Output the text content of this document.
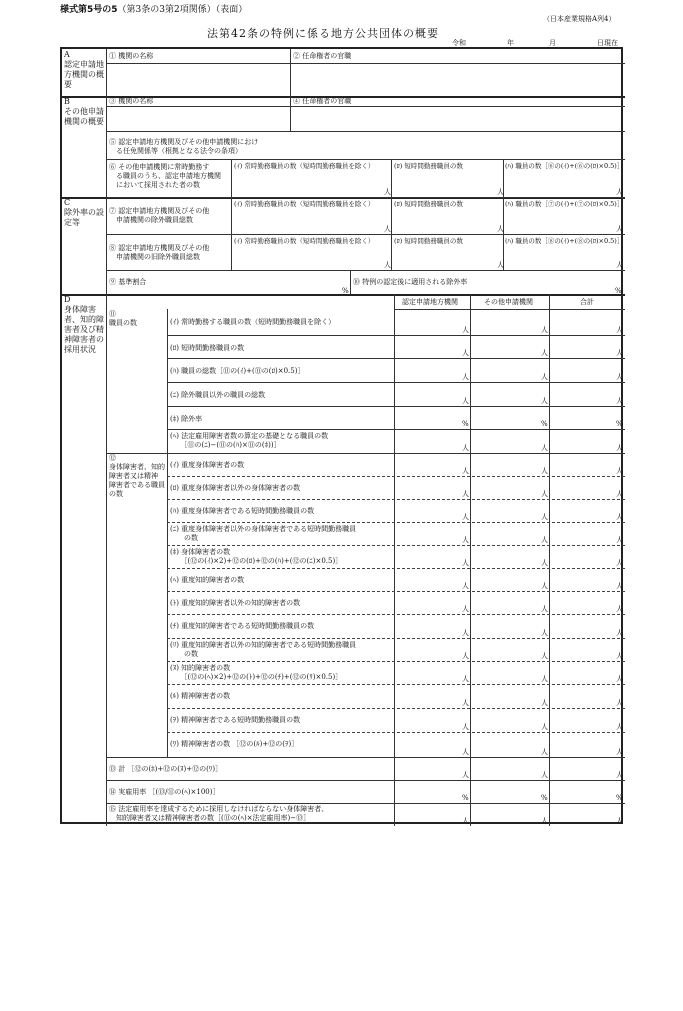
様式第5号の5（第3条の3第2項関係）（表面）
（日本産業規格A列4）
法第42条の特例に係る地方公共団体の概要
令和	年	月	日現在
A
認定申請地
方機関の概
要
B
その他申請
機関の概要
C
除外率の設
定等
D
身体障害
者、知的障
害者及び精
神障害者の
採用状況
① 機関の名称	② 任命権者の官職
③ 機関の名称	④ 任命権者の官職
⑤ 認定申請地方機関及びその他申請機関におけ
　る任免関係等（根拠となる法令の条項）
⑥ その他申請機関に常時勤務す
　る職員のうち、認定申請地方機関
　において採用された者の数
(ｲ) 常時勤務職員の数（短時間勤務職員を除く）	(ﾛ) 短時間勤務職員の数	(ﾊ) 職員の数［⑥の(ｲ)+(⑥の(ﾛ)×0.5)］
人	人	人
⑦ 認定申請地方機関及びその他
　申請機関の除外職員総数
(ｲ) 常時勤務職員の数（短時間勤務職員を除く）	(ﾛ) 短時間勤務職員の数	(ﾊ) 職員の数［⑦の(ｲ)+(⑦の(ﾛ)×0.5)］
人	人	人
⑧ 認定申請地方機関及びその他
　申請機関の旧除外職員総数
(ｲ) 常時勤務職員の数（短時間勤務職員を除く）	(ﾛ) 短時間勤務職員の数	(ﾊ) 職員の数［⑧の(ｲ)+(⑧の(ﾛ)×0.5)］
人	人	人
⑨ 基準割合	⑩ 特例の認定後に適用される除外率
%	%
認定申請地方機関	その他申請機関	合計
⑪
職員の数	(ｲ) 常時勤務する職員の数（短時間勤務職員を除く）
人	人	人
(ﾛ) 短時間勤務職員の数
人	人	人
(ﾊ) 職員の総数［⑪の(ｲ)+(⑪の(ﾛ)×0.5)］
人	人	人
(ﾆ) 除外職員以外の職員の総数
人	人	人
(ﾎ) 除外率
%	%	%
(ﾍ) 法定雇用障害者数の算定の基礎となる職員の数
　　［⑪の(ﾆ)−(⑪の(ﾊ)×⑪の(ﾎ))］	人	人	人
⑫
身体障害者、知的
障害者又は精神
障害者である職員
の数
(ｲ) 重度身体障害者の数
人	人	人
(ﾛ) 重度身体障害者以外の身体障害者の数
人	人	人
(ﾊ) 重度身体障害者である短時間勤務職員の数
人	人	人
(ﾆ) 重度身体障害者以外の身体障害者である短時間勤務職員
　　の数	人	人	人
(ﾎ) 身体障害者の数
　　［(⑫の(ｲ)×2)+⑫の(ﾛ)+⑫の(ﾊ)+(⑫の(ﾆ)×0.5)］	人	人	人
(ﾍ) 重度知的障害者の数
人	人	人
(ﾄ) 重度知的障害者以外の知的障害者の数
人	人	人
(ﾁ) 重度知的障害者である短時間勤務職員の数
人	人	人
(ﾘ) 重度知的障害者以外の知的障害者である短時間勤務職員
　　の数	人	人	人
(ﾇ) 知的障害者の数
　　［(⑫の(ﾍ)×2)+⑫の(ﾄ)+⑫の(ﾁ)+(⑫の(ﾘ)×0.5)］	人	人	人
(ﾙ) 精神障害者の数
人	人	人
(ｦ) 精神障害者である短時間勤務職員の数
人	人	人
(ﾜ) 精神障害者の数 ［⑫の(ﾙ)+⑫の(ｦ)］
人	人	人
⑬ 計 ［⑫の(ﾎ)+⑫の(ﾇ)+⑫の(ﾜ)］
人	人	人
⑭ 実雇用率 ［(⑬/⑪の(ﾍ)×100)］
%	%	%
⑮ 法定雇用率を達成するために採用しなければならない身体障害者、
　知的障害者又は精神障害者の数［(⑪の(ﾍ)×法定雇用率)−⑬］	人	人	人
